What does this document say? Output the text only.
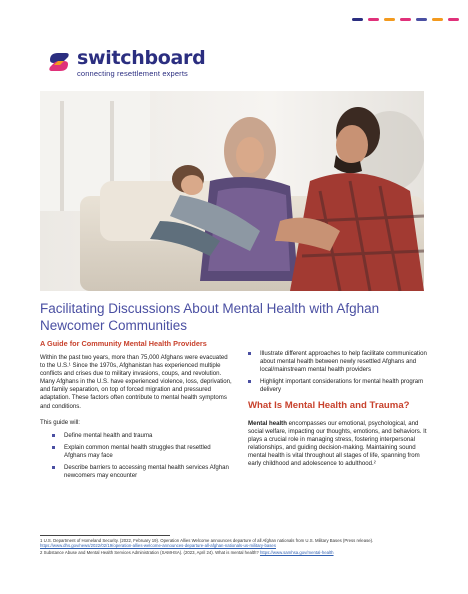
switchboard
connecting resettlement experts
Facilitating Discussions About Mental Health with Afghan Newcomer Communities
A Guide for Community Mental Health Providers

Within the past two years, more than 75,000 Afghans were evacuated to the U.S.¹ Since the 1970s, Afghanistan has experienced multiple conflicts and crises due to military invasions, coups, and revolution. Many Afghans in the U.S. have experienced violence, loss, deprivation, and family separation, on top of forced migration and pressured adaptation. These factors often contribute to mental health symptoms and conditions.

This guide will:

Define mental health and trauma
Explain common mental health struggles that resettled Afghans may face
Describe barriers to accessing mental health services Afghan newcomers may encounter
Illustrate different approaches to help facilitate communication about mental health between newly resettled Afghans and local/mainstream mental health providers
Highlight important considerations for mental health program delivery
What Is Mental Health and Trauma?

Mental health encompasses our emotional, psychological, and social welfare, impacting our thoughts, emotions, and behaviors. It plays a crucial role in managing stress, fostering interpersonal relationships, and guiding decision-making. Maintaining sound mental health is vital throughout all stages of life, spanning from early childhood and adolescence to adulthood.²

1 U.S. Department of Homeland Security. (2022, February 19). Operation Allies Welcome announces departure of all Afghan nationals from U.S. Military Bases (Press release). https://www.dhs.gov/news/2022/02/19/operation-allies-welcome-announces-departure-all-afghan-nationals-us-military-bases
2 Substance Abuse and Mental Health Services Administration (SAMHSA). (2023, April 24). What is mental health? https://www.samhsa.gov/mental-health
